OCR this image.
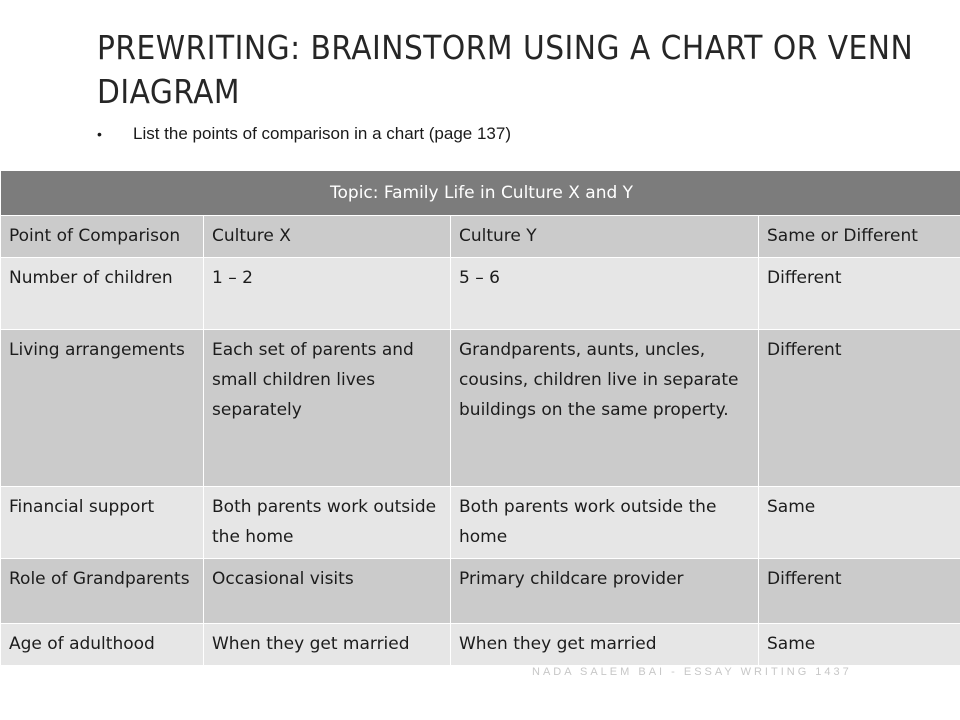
PREWRITING: BRAINSTORM USING A CHART OR VENN DIAGRAM
•	List the points of comparison in a chart (page 137)
Topic: Family Life in Culture X and Y			
Point of Comparison	Culture X	Culture Y	Same or Different
Number of children	1 – 2	5 – 6	Different
Living arrangements	Each set of parents and small children lives separately	Grandparents, aunts, uncles, cousins, children live in separate buildings on the same property.	Different
Financial support	Both parents work outside the home	Both parents work outside the home	Same
Role of Grandparents	Occasional visits	Primary childcare provider	Different
Age of adulthood	When they get married	When they get married	Same
NADA SALEM BAI - ESSAY WRITING 1437
